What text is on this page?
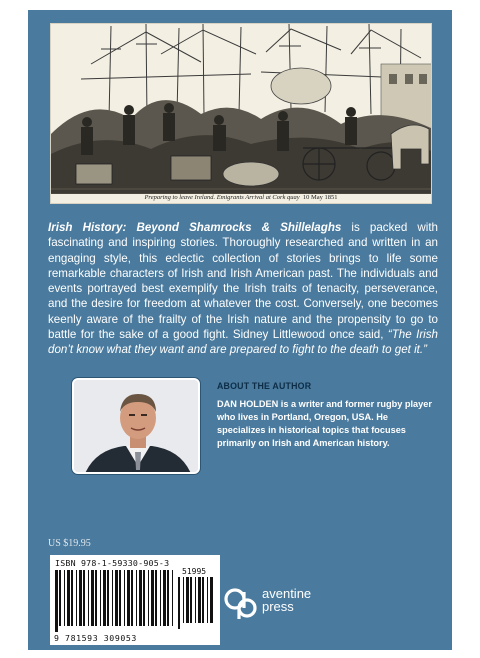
Preparing to leave Ireland. Emigrants Arrival at Cork quay 10 May 1851
Irish History: Beyond Shamrocks & Shillelaghs is packed with fascinating and inspiring stories. Thoroughly researched and written in an engaging style, this eclectic collection of stories brings to life some remarkable characters of Irish and Irish American past. The individuals and events portrayed best exemplify the Irish traits of tenacity, perseverance, and the desire for freedom at whatever the cost. Conversely, one becomes keenly aware of the frailty of the Irish nature and the propensity to go to battle for the sake of a good fight. Sidney Littlewood once said, “The Irish don’t know what they want and are prepared to fight to the death to get it.”
ABOUT THE AUTHOR
DAN HOLDEN is a writer and former rugby player who lives in Portland, Oregon, USA. He specializes in historical topics that focuses primarily on Irish and American history.
US $19.95
ISBN 978-1-59330-905-3
51995
9 781593 309053
aventine
press
